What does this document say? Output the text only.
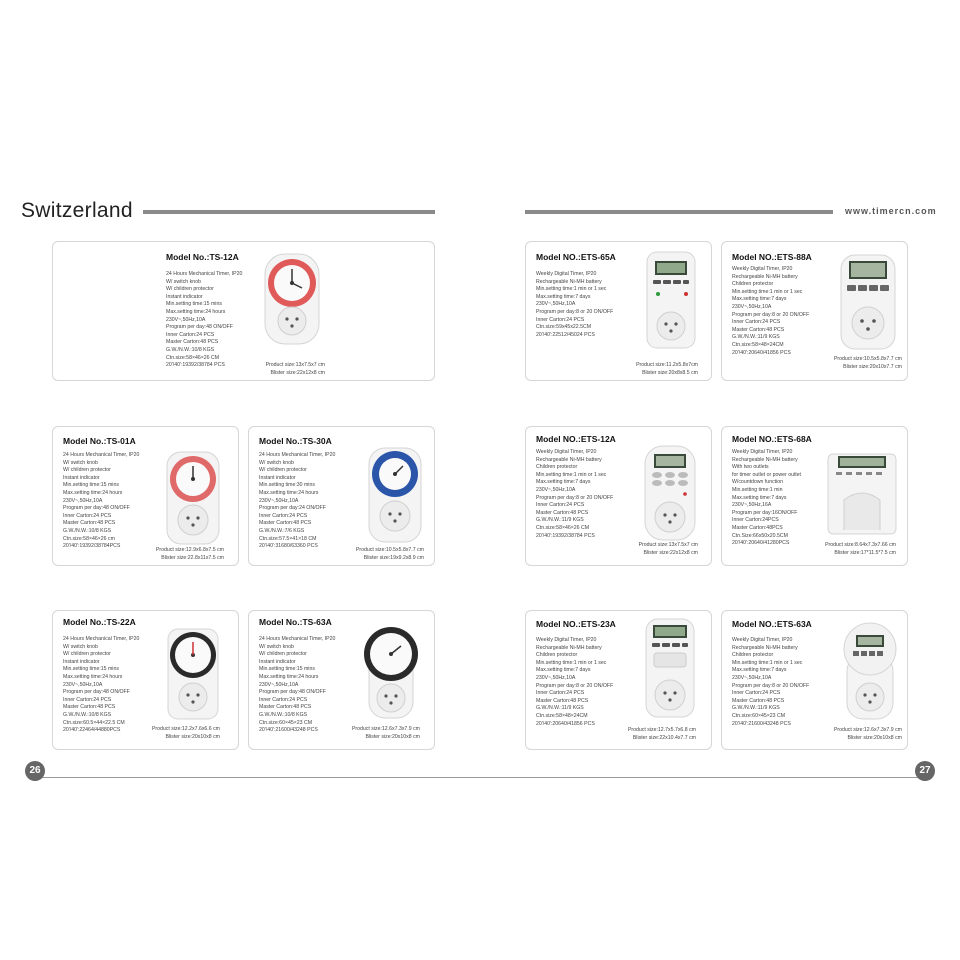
Switzerland	www.timercn.com
Model No.:TS-12A
24 Hours Mechanical Timer, IP20
W/ switch knob
W/ children protector
Instant indicator
Min.setting time:15 mins
Max.setting time:24 hours
230V~,50Hz,10A
Program per day:48 ON/OFF
Inner Carton:24 PCS
Master Carton:48 PCS
G.W./N.W.:10/8 KGS
Ctn.size:58×46×26 CM
20'/40':19392/38784 PCS	Product size:13x7.5x7 cm
Blister size:22x12x8 cm
Model NO.:ETS-65A
Weekly Digital Timer, IP20
Rechargeable Ni-MH battery
Min.setting time:1 min or 1 sec
Max.setting time:7 days
230V~,50Hz,10A
Program per day:8 or 20 ON/OFF
Inner Carton:24 PCS
Ctn.size:59x45x22.5CM
20'/40':22512/45024 PCS
Product size:11.2x5.8x7cm
Blister size:20x8x8.5 cm
Model NO.:ETS-88A
Weekly Digital Timer, IP20
Rechargeable Ni-MH battery
Children protector
Min.setting time:1 min or 1 sec
Max.setting time:7 days
230V~,50Hz,10A
Program per day:8 or 20 ON/OFF
Inner Carton:24 PCS
Master Carton:48 PCS
G.W./N.W.:11/9 KGS
Ctn.size:58×48×24CM
20'/40':20640/41856 PCS
Product size:10.5x5.8x7.7 cm
Blister size:20x10x7.7 cm
Model No.:TS-01A
24 Hours Mechanical Timer, IP20
W/ switch knob
W/ children protector
Instant indicator
Min.setting time:15 mins
Max.setting time:24 hours
230V~,50Hz,10A
Program per day:48 ON/OFF
Inner Carton:24 PCS
Master Carton:48 PCS
G.W./N.W.:10/8 KGS
Ctn.size:58×46×26 cm
20'/40':19392/38784PCS
Product size:12.9x6.8x7.5 cm
Blister size:22.8x11x7.5 cm
Model No.:TS-30A
24 Hours Mechanical Timer, IP20
W/ switch knob
W/ children protector
Instant indicator
Min.setting time:30 mins
Max.setting time:24 hours
230V~,50Hz,10A
Program per day:24 ON/OFF
Inner Carton:24 PCS
Master Carton:48 PCS
G.W./N.W.:7/6 KGS
Ctn.size:57.5×41×18 CM
20'/40':31680/63360 PCS
Product size:10.5x5.8x7.7 cm
Blister size:19x9.2x8.9 cm
Model NO.:ETS-12A
Weekly Digital Timer, IP20
Rechargeable Ni-MH battery
Children protector
Min.setting time:1 min or 1 sec
Max.setting time:7 days
230V~,50Hz,10A
Program per day:8 or 20 ON/OFF
Inner Carton:24 PCS
Master Carton:48 PCS
G.W./N.W.:11/9 KGS
Ctn.size:58×46×26 CM
20'/40':19392/38784 PCS
Product size:13x7.5x7 cm
Blister size:22x12x8 cm
Model NO.:ETS-68A
Weekly Digital Timer, IP20
Rechargeable Ni-MH battery
With two outlets
for timer outlet or power outlet
W/countdown function
Min.setting time:1 min
Max.setting time:7 days
230V~,50Hz,16A
Program per day:16ON/OFF
Inner Carton:24PCS
Master Carton:48PCS
Ctn.Size:66x50x20.5CM
20'/40':20640/41280PCS	Product size:8.64x7.3x7.66 cm
Blister size:17*11.5*7.5 cm
Model No.:TS-22A
24 Hours Mechanical Timer, IP20
W/ switch knob
W/ children protector
Instant indicator
Min.setting time:15 mins
Max.setting time:24 hours
230V~,50Hz,10A
Program per day:48 ON/OFF
Inner Carton:24 PCS
Master Carton:48 PCS
G.W./N.W.:10/8 KGS
Ctn.size:60.5×44×22.5 CM
20'/40':22464/44880PCS	Product size:12.2x7.6x6.6 cm
Blister size:20x10x8 cm
Model No.:TS-63A
24 Hours Mechanical Timer, IP20
W/ switch knob
W/ children protector
Instant indicator
Min.setting time:15 mins
Max.setting time:24 hours
230V~,50Hz,10A
Program per day:48 ON/OFF
Inner Carton:24 PCS
Master Carton:48 PCS
G.W./N.W.:10/8 KGS
Ctn.size:60×45×23 CM
20'/40':21600/43248 PCS	Product size:12.6x7.3x7.9 cm
Blister size:20x10x8 cm
Model NO.:ETS-23A
Weekly Digital Timer, IP20
Rechargeable Ni-MH battery
Children protector
Min.setting time:1 min or 1 sec
Max.setting time:7 days
230V~,50Hz,10A
Program per day:8 or 20 ON/OFF
Inner Carton:24 PCS
Master Carton:48 PCS
G.W./N.W.:11/9 KGS
Ctn.size:58×48×24CM
20'/40':20640/41856 PCS
Product size:12.7x5.7x6.8 cm
Blister size:22x10.4x7.7 cm
Model NO.:ETS-63A
Weekly Digital Timer, IP20
Rechargeable Ni-MH battery
Children protector
Min.setting time:1 min or 1 sec
Max.setting time:7 days
230V~,50Hz,10A
Program per day:8 or 20 ON/OFF
Inner Carton:24 PCS
Master Carton:48 PCS
G.W./N.W.:11/9 KGS
Ctn.size:60×45×23 CM
20'/40':21600/43248 PCS
Product size:12.6x7.3x7.9 cm
Blister size:20x10x8 cm
26	27
